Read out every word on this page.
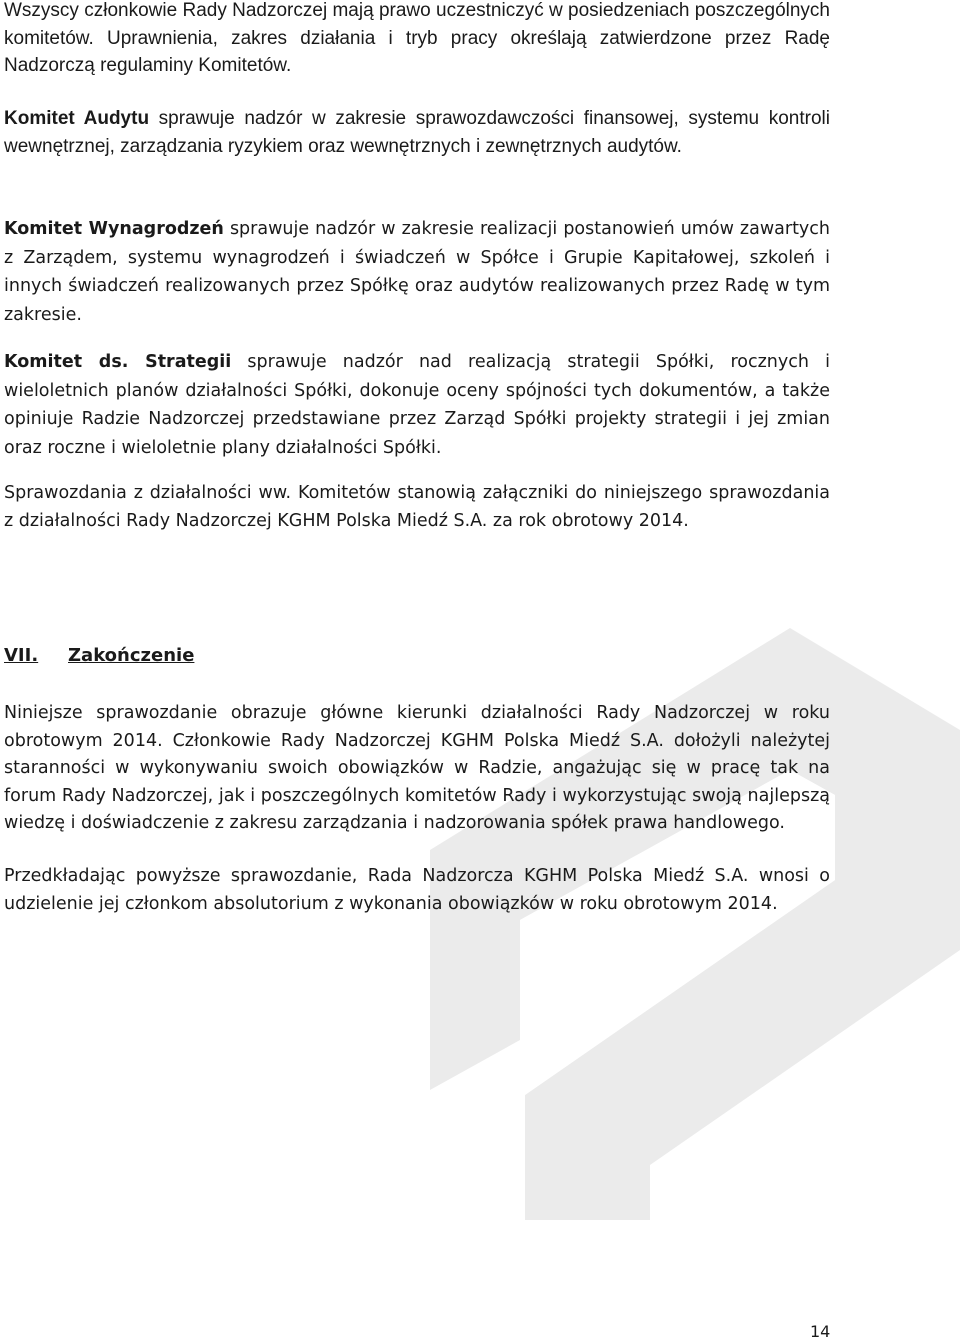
Wszyscy członkowie Rady Nadzorczej mają prawo uczestniczyć w posiedzeniach poszczególnych komitetów. Uprawnienia, zakres działania i tryb pracy określają zatwierdzone przez Radę Nadzorczą regulaminy Komitetów.

Komitet Audytu sprawuje nadzór w zakresie sprawozdawczości finansowej, systemu kontroli wewnętrznej, zarządzania ryzykiem oraz wewnętrznych i zewnętrznych audytów.

Komitet Wynagrodzeń sprawuje nadzór w zakresie realizacji postanowień umów zawartych z Zarządem, systemu wynagrodzeń i świadczeń w Spółce i Grupie Kapitałowej, szkoleń i innych świadczeń realizowanych przez Spółkę oraz audytów realizowanych przez Radę w tym zakresie.

Komitet ds. Strategii sprawuje nadzór nad realizacją strategii Spółki, rocznych i wieloletnich planów działalności Spółki, dokonuje oceny spójności tych dokumentów, a także opiniuje Radzie Nadzorczej przedstawiane przez Zarząd Spółki projekty strategii i jej zmian oraz roczne i wieloletnie plany działalności Spółki.

Sprawozdania z działalności ww. Komitetów stanowią załączniki do niniejszego sprawozdania z działalności Rady Nadzorczej KGHM Polska Miedź S.A. za rok obrotowy 2014.

VII. Zakończenie

Niniejsze sprawozdanie obrazuje główne kierunki działalności Rady Nadzorczej w roku obrotowym 2014. Członkowie Rady Nadzorczej KGHM Polska Miedź S.A. dołożyli należytej staranności w wykonywaniu swoich obowiązków w Radzie, angażując się w pracę tak na forum Rady Nadzorczej, jak i poszczególnych komitetów Rady i wykorzystując swoją najlepszą wiedzę i doświadczenie z zakresu zarządzania i nadzorowania spółek prawa handlowego.

Przedkładając powyższe sprawozdanie, Rada Nadzorcza KGHM Polska Miedź S.A. wnosi o udzielenie jej członkom absolutorium z wykonania obowiązków w roku obrotowym 2014.

14
